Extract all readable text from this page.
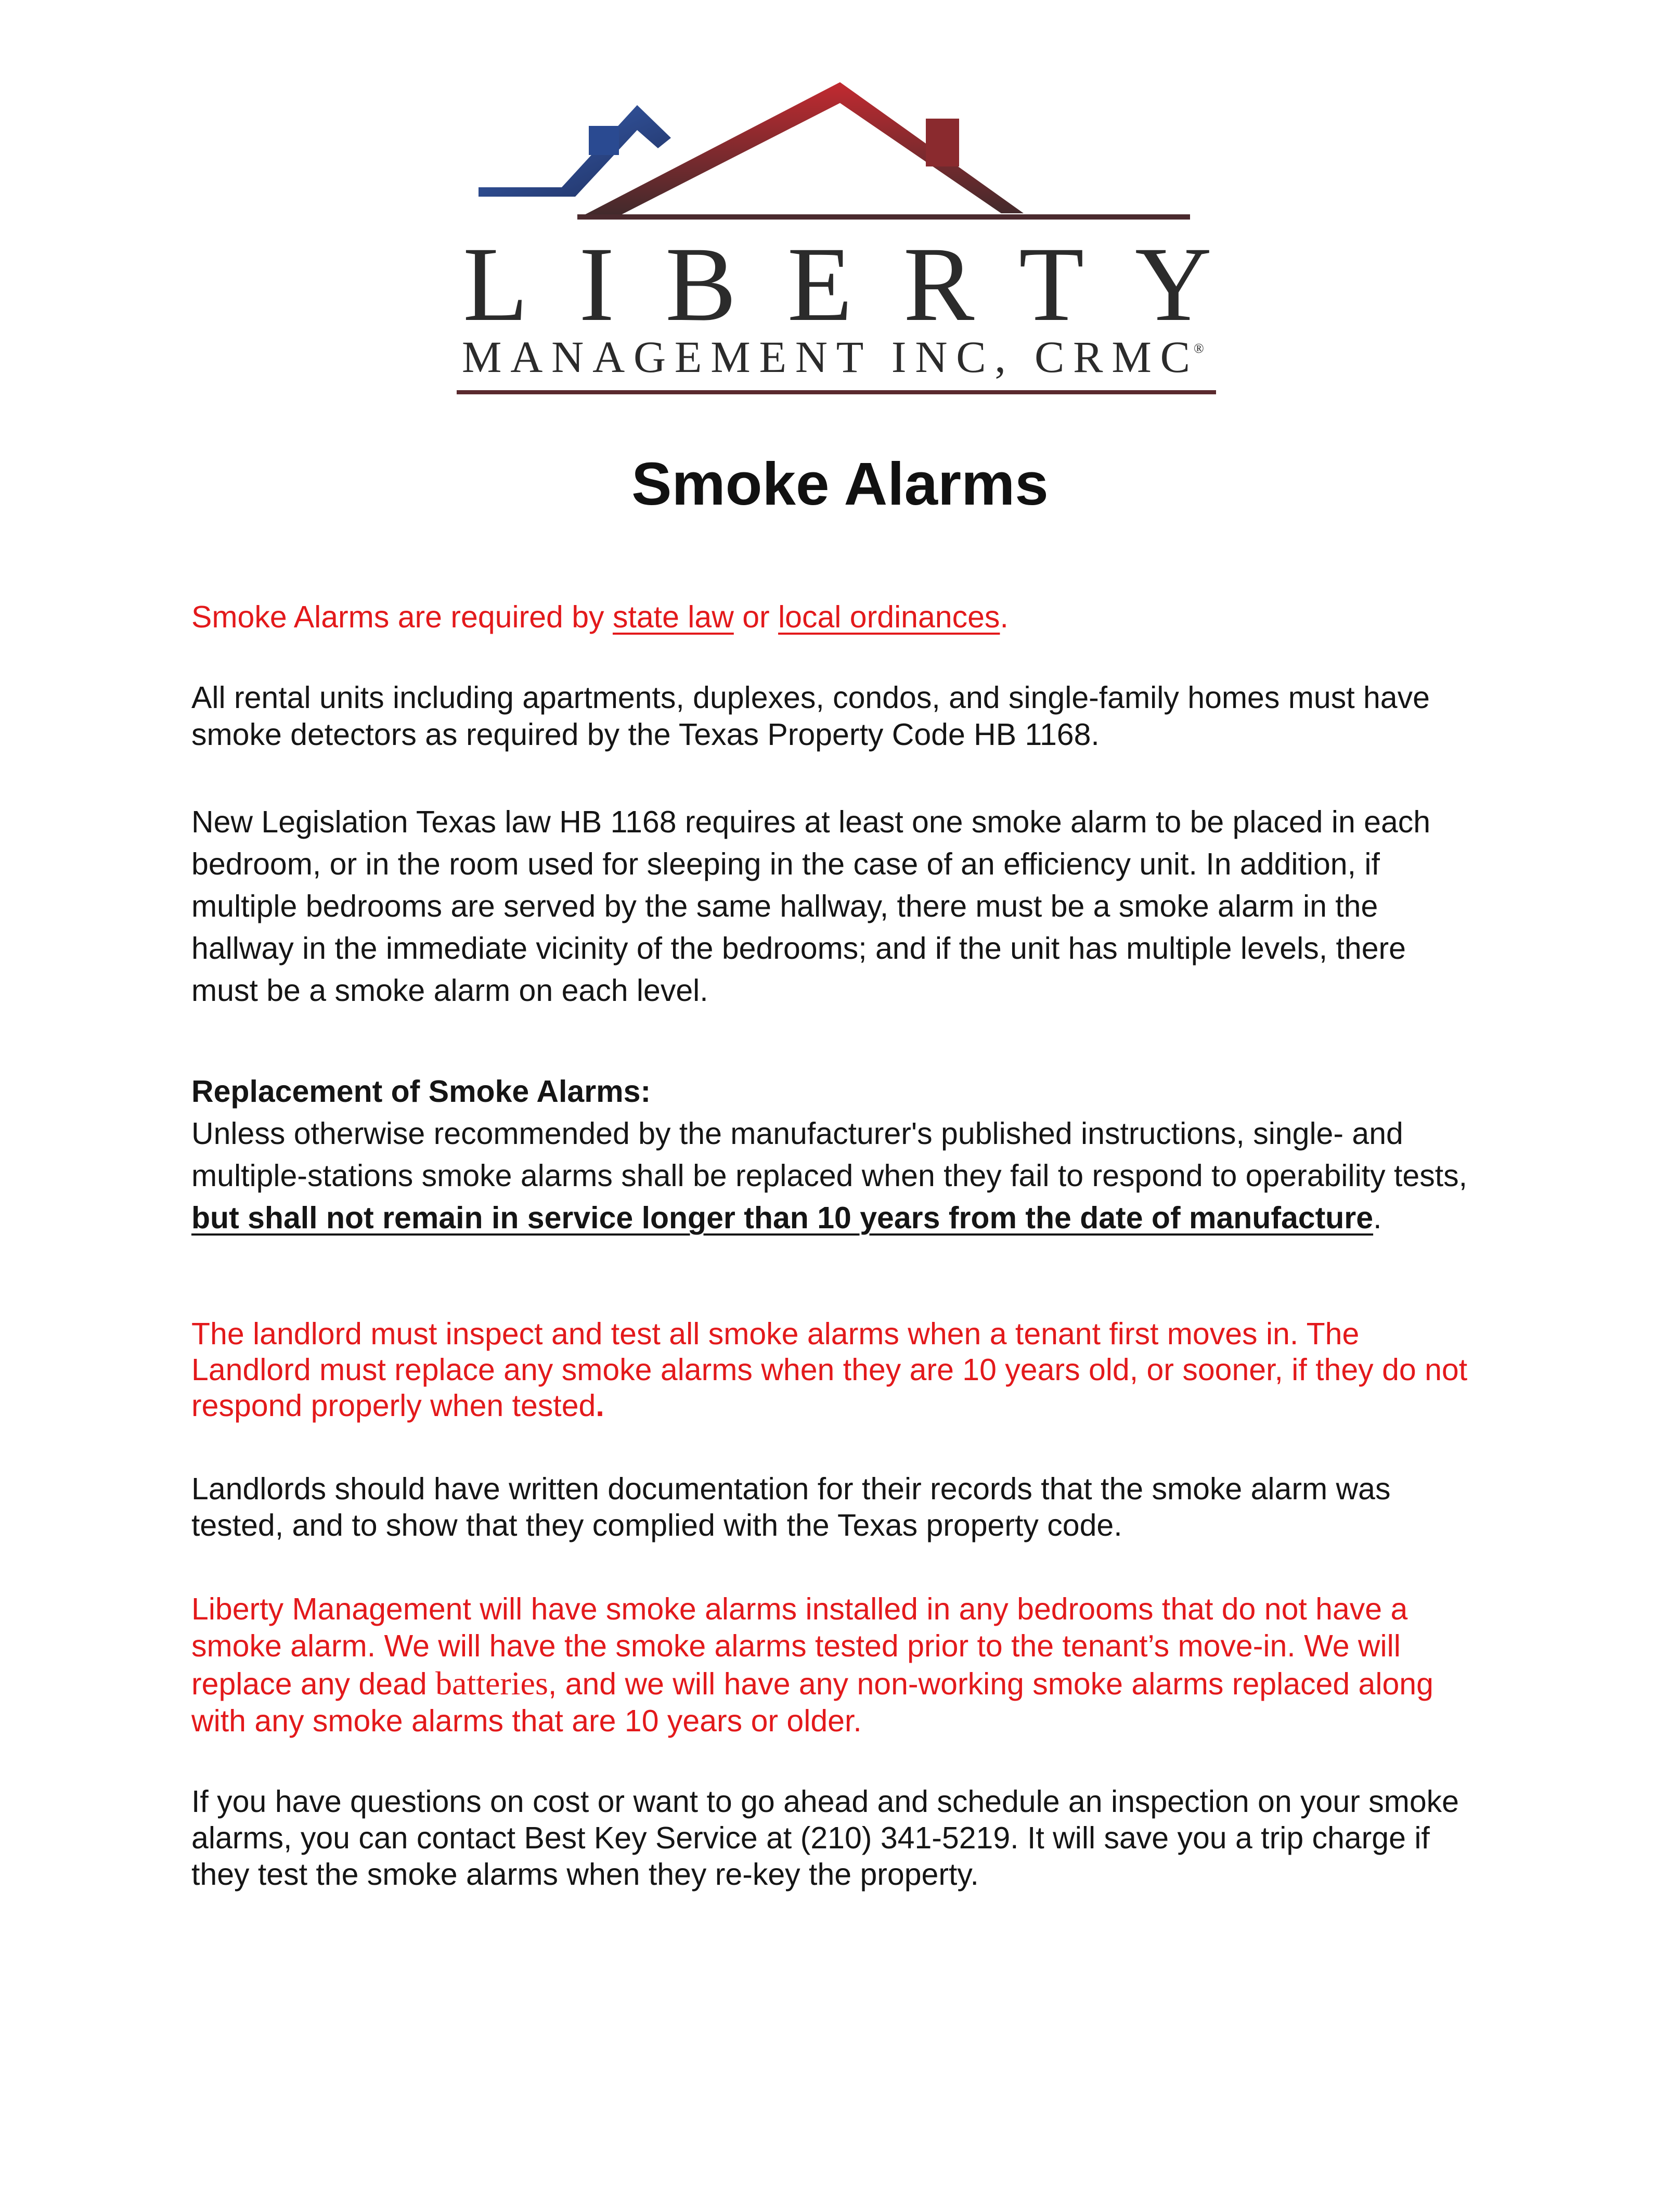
LIBERTY
MANAGEMENT INC, CRMC ®
Smoke Alarms

Smoke Alarms are required by state law or local ordinances.

All rental units including apartments, duplexes, condos, and single-family homes must have
smoke detectors as required by the Texas Property Code HB 1168.

New Legislation Texas law HB 1168 requires at least one smoke alarm to be placed in each
bedroom, or in the room used for sleeping in the case of an efficiency unit. In addition, if
multiple bedrooms are served by the same hallway, there must be a smoke alarm in the
hallway in the immediate vicinity of the bedrooms; and if the unit has multiple levels, there
must be a smoke alarm on each level.

Replacement of Smoke Alarms:
Unless otherwise recommended by the manufacturer's published instructions, single- and
multiple-stations smoke alarms shall be replaced when they fail to respond to operability tests,
but shall not remain in service longer than 10 years from the date of manufacture.

The landlord must inspect and test all smoke alarms when a tenant first moves in. The
Landlord must replace any smoke alarms when they are 10 years old, or sooner, if they do not
respond properly when tested.

Landlords should have written documentation for their records that the smoke alarm was
tested, and to show that they complied with the Texas property code.

Liberty Management will have smoke alarms installed in any bedrooms that do not have a
smoke alarm. We will have the smoke alarms tested prior to the tenant’s move-in. We will
replace any dead batteries, and we will have any non-working smoke alarms replaced along
with any smoke alarms that are 10 years or older.

If you have questions on cost or want to go ahead and schedule an inspection on your smoke
alarms, you can contact Best Key Service at (210) 341-5219. It will save you a trip charge if
they test the smoke alarms when they re-key the property.
